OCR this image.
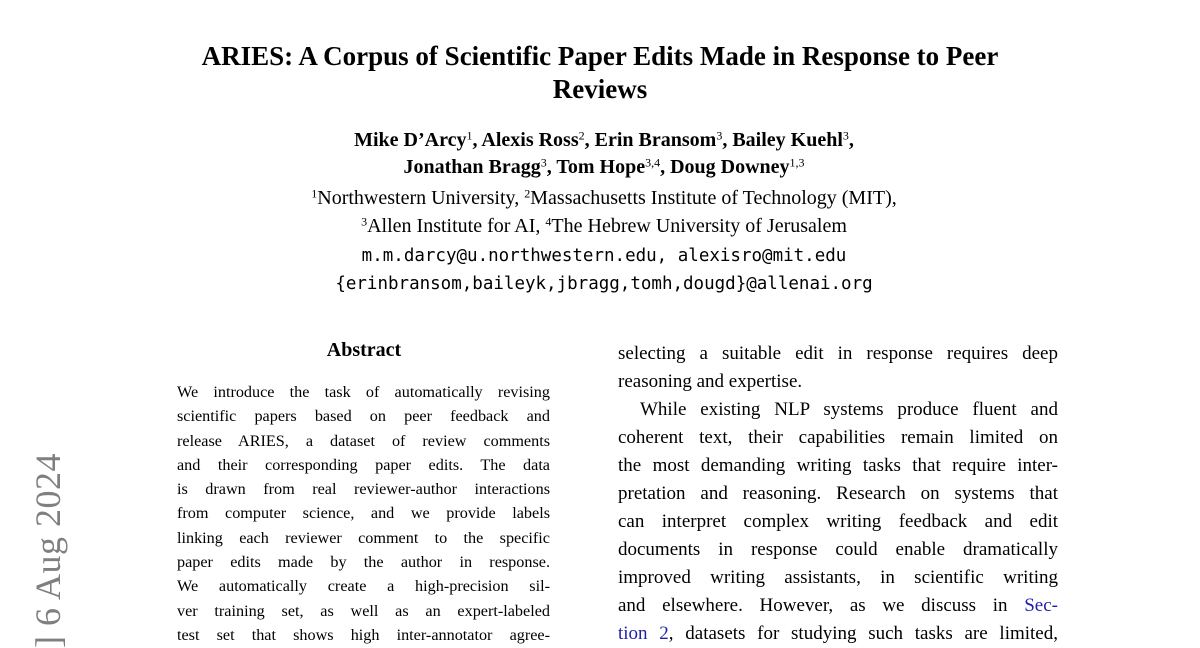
ARIES: A Corpus of Scientific Paper Edits Made in Response to Peer
Reviews
Mike D’Arcy$^1$, Alexis Ross$^2$, Erin Bransom$^3$, Bailey Kuehl$^3$,
Jonathan Bragg$^3$, Tom Hope$^{3,4}$, Doug Downey$^{1,3}$
$^1$Northwestern University, $^2$Massachusetts Institute of Technology (MIT),
$^3$Allen Institute for AI, $^4$The Hebrew University of Jerusalem
m.m.darcy@u.northwestern.edu, alexisro@mit.edu
{erinbransom,baileyk,jbragg,tomh,dougd}@allenai.org
] 6 Aug 2024
Abstract
We introduce the task of automatically revising
scientific papers based on peer feedback and
release ARIES, a dataset of review comments
and their corresponding paper edits. The data
is drawn from real reviewer-author interactions
from computer science, and we provide labels
linking each reviewer comment to the specific
paper edits made by the author in response.
We automatically create a high-precision sil-
ver training set, as well as an expert-labeled
test set that shows high inter-annotator agree-
selecting a suitable edit in response requires deep
reasoning and expertise.
While existing NLP systems produce fluent and
coherent text, their capabilities remain limited on
the most demanding writing tasks that require inter-
pretation and reasoning. Research on systems that
can interpret complex writing feedback and edit
documents in response could enable dramatically
improved writing assistants, in scientific writing
and elsewhere. However, as we discuss in Sec-
tion 2, datasets for studying such tasks are limited,
